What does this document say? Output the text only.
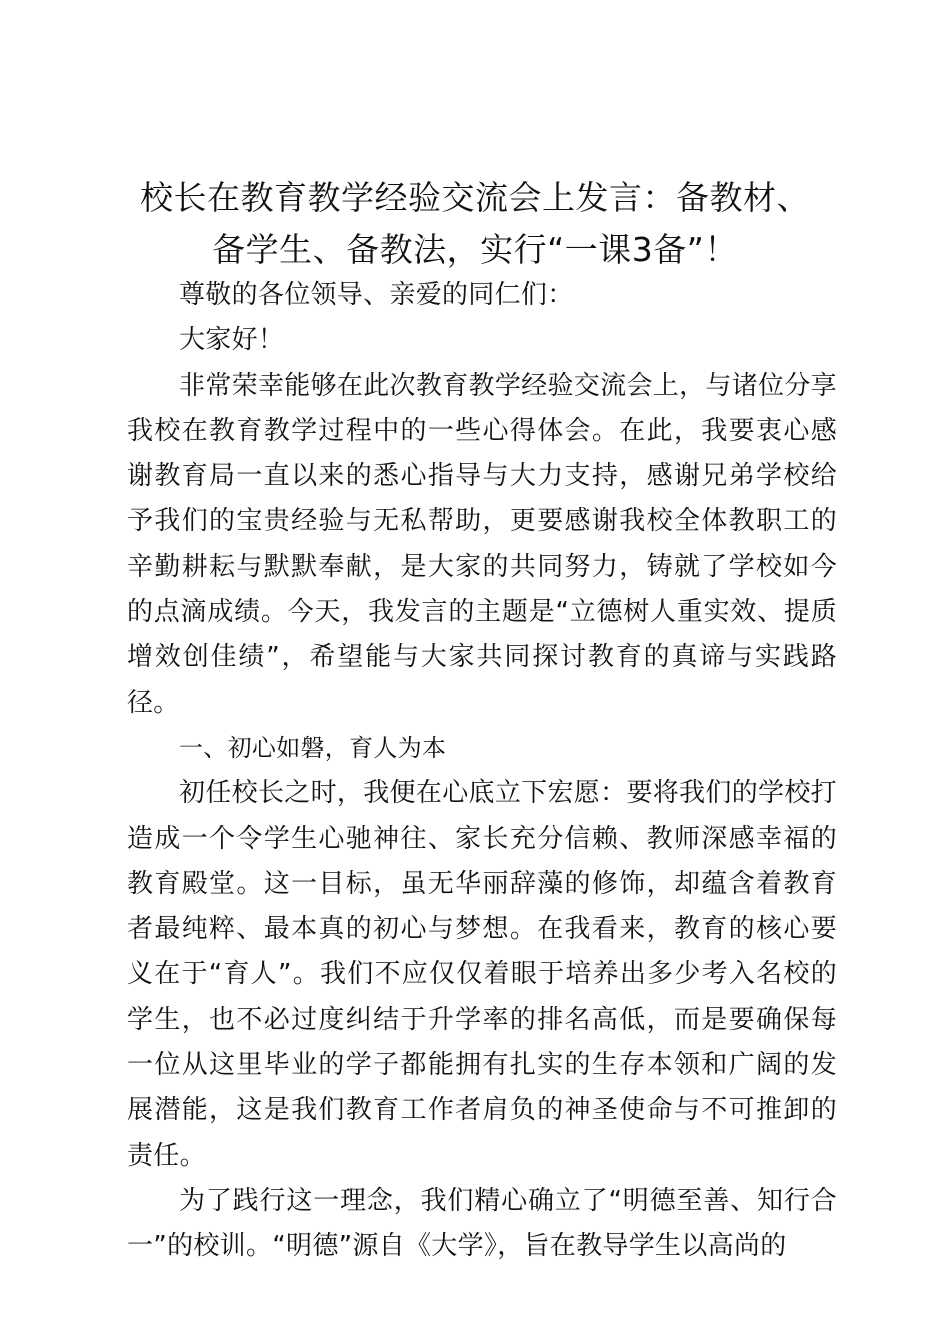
校长在教育教学经验交流会上发言：备教材、
备学生、备教法，实行“一课3备”！

尊敬的各位领导、亲爱的同仁们：

大家好！

非常荣幸能够在此次教育教学经验交流会上，与诸位分享我校在教育教学过程中的一些心得体会。在此，我要衷心感谢教育局一直以来的悉心指导与大力支持，感谢兄弟学校给予我们的宝贵经验与无私帮助，更要感谢我校全体教职工的辛勤耕耘与默默奉献，是大家的共同努力，铸就了学校如今的点滴成绩。今天，我发言的主题是“立德树人重实效、提质增效创佳绩”，希望能与大家共同探讨教育的真谛与实践路径。

一、初心如磐，育人为本

初任校长之时，我便在心底立下宏愿：要将我们的学校打造成一个令学生心驰神往、家长充分信赖、教师深感幸福的教育殿堂。这一目标，虽无华丽辞藻的修饰，却蕴含着教育者最纯粹、最本真的初心与梦想。在我看来，教育的核心要义在于“育人”。我们不应仅仅着眼于培养出多少考入名校的学生，也不必过度纠结于升学率的排名高低，而是要确保每一位从这里毕业的学子都能拥有扎实的生存本领和广阔的发展潜能，这是我们教育工作者肩负的神圣使命与不可推卸的责任。

为了践行这一理念，我们精心确立了“明德至善、知行合一”的校训。“明德”源自《大学》，旨在教导学生以高尚的
